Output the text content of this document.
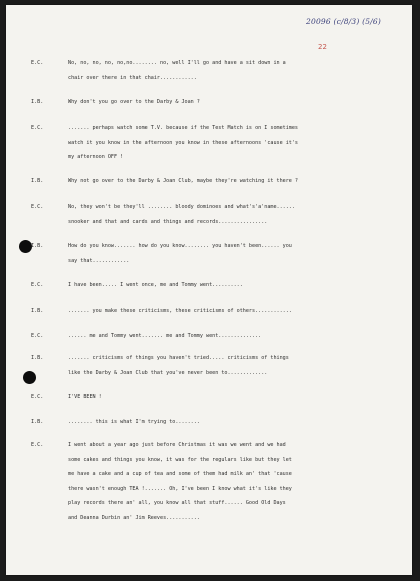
20096 (c/8/3) (5/6)
22
E.C.	No, no, no, no, no,no........ no, well I'll go and have a sit down in a
chair over there in that chair............
I.B.	Why don't you go over to the Darby & Joan ?
E.C.	....... perhaps watch some T.V. because if the Test Match is on I sometimes
watch it you know in the afternoon you know in these afternoons 'cause it's
my afternoon OFF !
I.B.	Why not go over to the Darby & Joan Club, maybe they're watching it there ?
E.C.	No, they won't be they'll ........ bloody dominoes and what's'a'name......
snooker and that and cards and things and records................
I.B.	How do you know....... how do you know........ you haven't been...... you
say that............
E.C.	I have been..... I went once, me and Tommy went..........
I.B.	....... you make these criticisms, these criticisms of others............
E.C.	...... me and Tommy went....... me and Tommy went..............
I.B.	....... criticisms of things you haven't tried..... criticisms of things
like the Darby & Joan Club that you've never been to.............
E.C.	I'VE BEEN !
I.B.	........ this is what I'm trying to........
E.C.	I went about a year ago just before Christmas it was we went and we had
some cakes and things you know, it was for the regulars like but they let
me have a cake and a cup of tea and some of them had milk an' that 'cause
there wasn't enough TEA !....... Oh, I've been I know what it's like they
play records there an' all, you know all that stuff...... Good Old Days
and Deanna Durbin an' Jim Reeves...........
